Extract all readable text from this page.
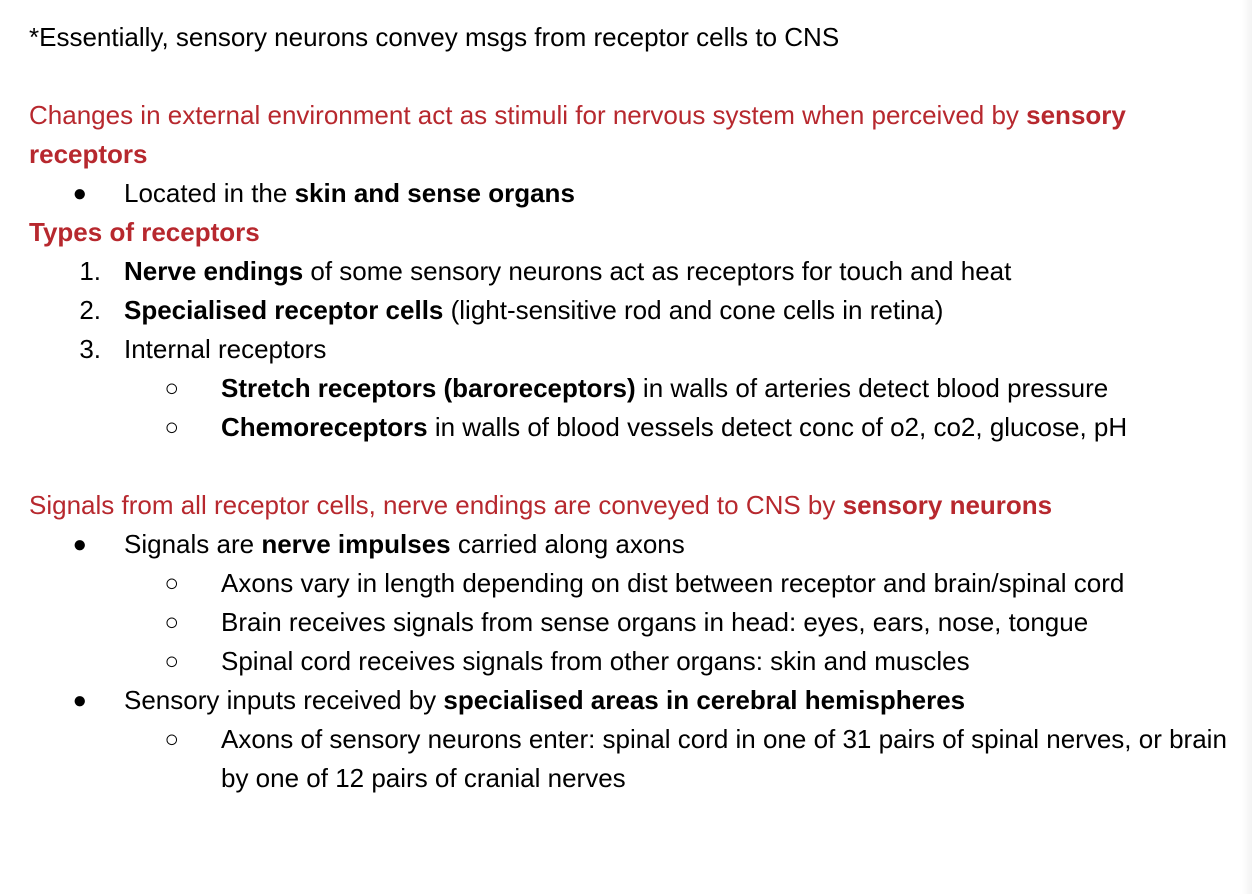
*Essentially, sensory neurons convey msgs from receptor cells to CNS
Changes in external environment act as stimuli for nervous system when perceived by sensory receptors
●	Located in the skin and sense organs
Types of receptors
1. Nerve endings of some sensory neurons act as receptors for touch and heat
2. Specialised receptor cells (light-sensitive rod and cone cells in retina)
3. Internal receptors
○	Stretch receptors (baroreceptors) in walls of arteries detect blood pressure
○	Chemoreceptors in walls of blood vessels detect conc of o2, co2, glucose, pH
Signals from all receptor cells, nerve endings are conveyed to CNS by sensory neurons
●	Signals are nerve impulses carried along axons
○	Axons vary in length depending on dist between receptor and brain/spinal cord
○	Brain receives signals from sense organs in head: eyes, ears, nose, tongue
○	Spinal cord receives signals from other organs: skin and muscles
●	Sensory inputs received by specialised areas in cerebral hemispheres
○	Axons of sensory neurons enter: spinal cord in one of 31 pairs of spinal nerves, or brain by one of 12 pairs of cranial nerves
